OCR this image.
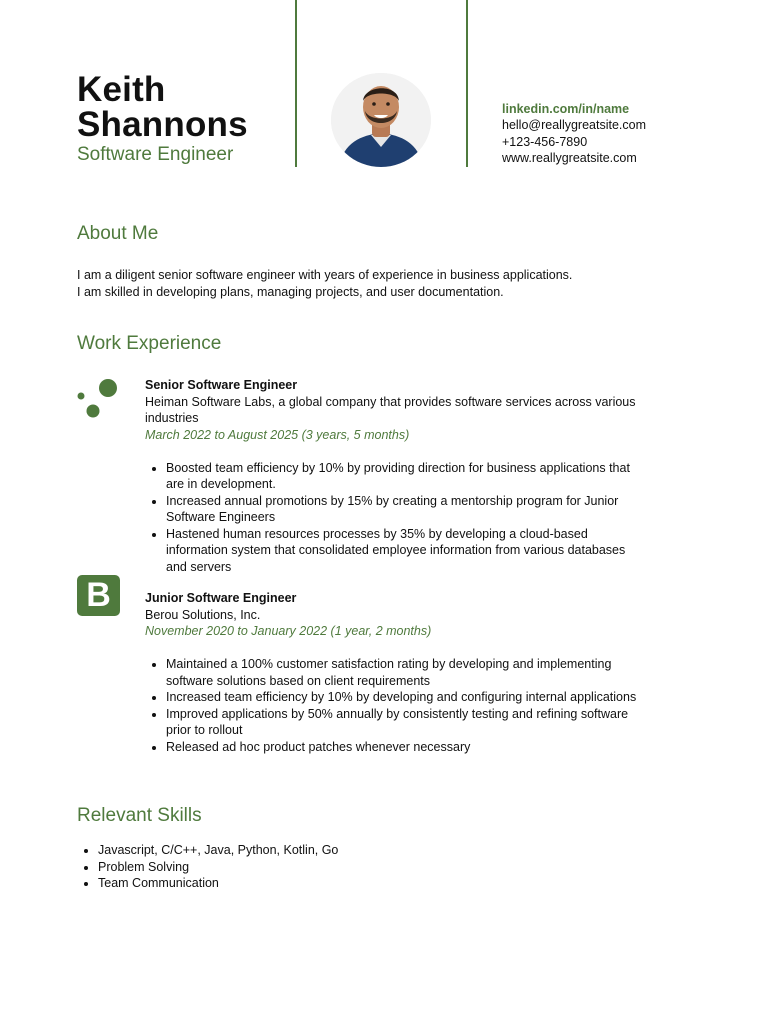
Keith
Shannons
Software Engineer
linkedin.com/in/name
hello@reallygreatsite.com
+123-456-7890
www.reallygreatsite.com
About Me
I am a diligent senior software engineer with years of experience in business applications.
I am skilled in developing plans, managing projects, and user documentation.
Work Experience
Senior Software Engineer
Heiman Software Labs, a global company that provides software services across various industries
March 2022 to August 2025 (3 years, 5 months)
• Boosted team efficiency by 10% by providing direction for business applications that are in development.
• Increased annual promotions by 15% by creating a mentorship program for Junior Software Engineers
• Hastened human resources processes by 35% by developing a cloud-based information system that consolidated employee information from various databases and servers
B	Junior Software Engineer
Berou Solutions, Inc.
November 2020 to January 2022 (1 year, 2 months)
• Maintained a 100% customer satisfaction rating by developing and implementing software solutions based on client requirements
• Increased team efficiency by 10% by developing and configuring internal applications
• Improved applications by 50% annually by consistently testing and refining software prior to rollout
• Released ad hoc product patches whenever necessary
Relevant Skills
• Javascript, C/C++, Java, Python, Kotlin, Go
• Problem Solving
• Team Communication
